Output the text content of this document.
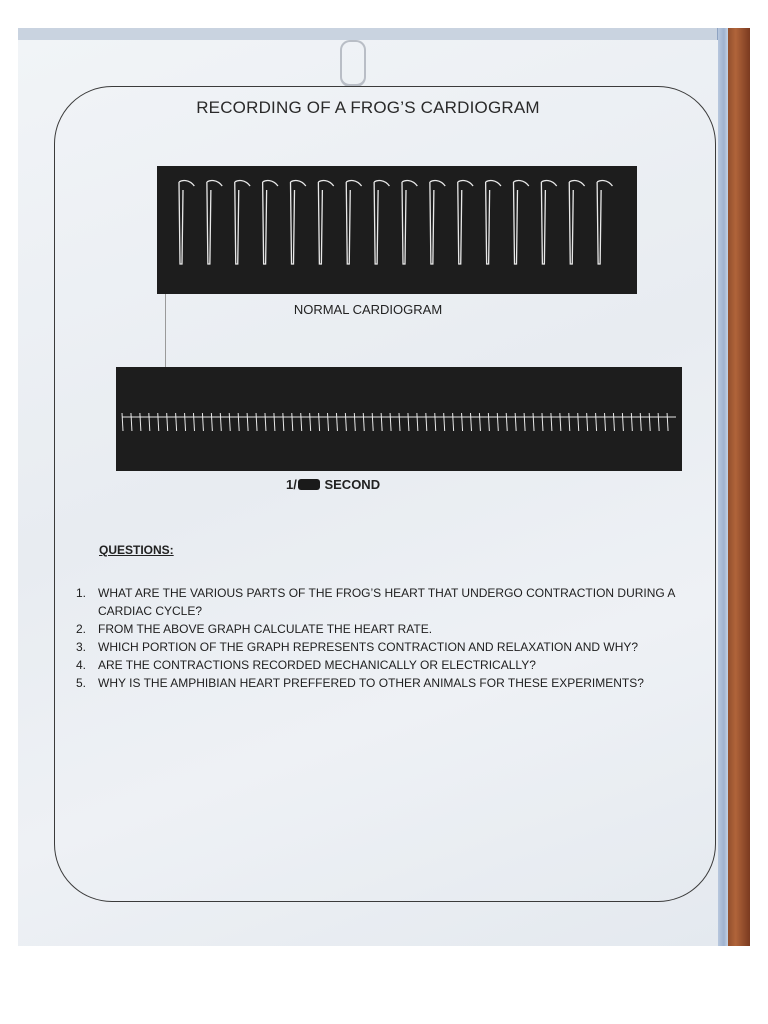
RECORDING OF A FROG’S CARDIOGRAM
NORMAL CARDIOGRAM
1/ SECOND
QUESTIONS:
1. WHAT ARE THE VARIOUS PARTS OF THE FROG’S HEART THAT UNDERGO CONTRACTION DURING A CARDIAC CYCLE?
2. FROM THE ABOVE GRAPH CALCULATE THE HEART RATE.
3. WHICH PORTION OF THE GRAPH REPRESENTS CONTRACTION AND RELAXATION AND WHY?
4. ARE THE CONTRACTIONS RECORDED MECHANICALLY OR ELECTRICALLY?
5. WHY IS THE AMPHIBIAN HEART PREFFERED TO OTHER ANIMALS FOR THESE EXPERIMENTS?
